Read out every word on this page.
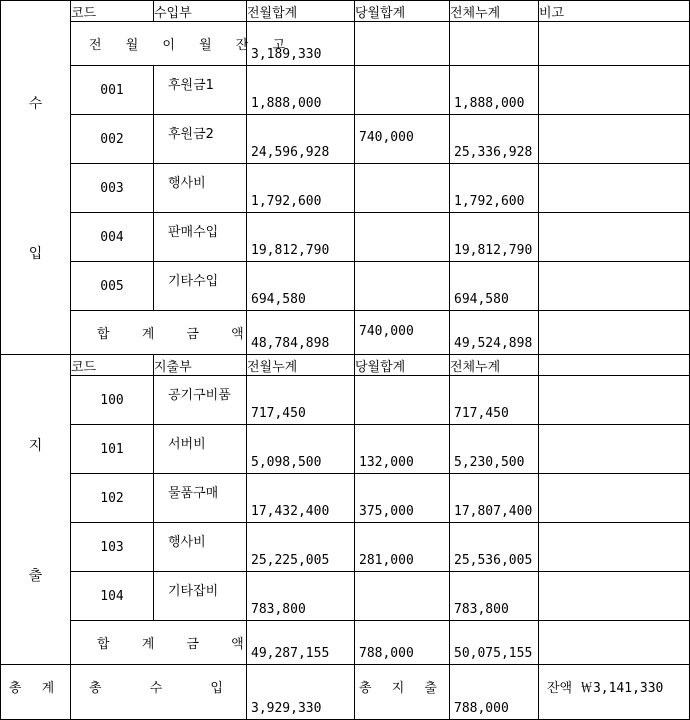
수
입	코드	수입부	전월합계	당월합계	전체누계	비고
	전 월 이 월 잔 고		3,189,330			
	001	후원금1	1,888,000		1,888,000	
	002	후원금2	24,596,928	740,000	25,336,928	
	003	행사비	1,792,600		1,792,600	
	004	판매수입	19,812,790		19,812,790	
	005	기타수입	694,580		694,580	
	합 계 금 액		48,784,898	740,000	49,524,898	

지
출	코드	지출부	전월누계	당월합계	전체누계	
	100	공기구비품	717,450		717,450	
	101	서버비	5,098,500	132,000	5,230,500	
	102	물품구매	17,432,400	375,000	17,807,400	
	103	행사비	25,225,005	281,000	25,536,005	
	104	기타잡비	783,800		783,800	
	합 계 금 액		49,287,155	788,000	50,075,155	
총 계	총 수 입		3,929,330	총 지 출	788,000	잔액 ￦3,141,330
